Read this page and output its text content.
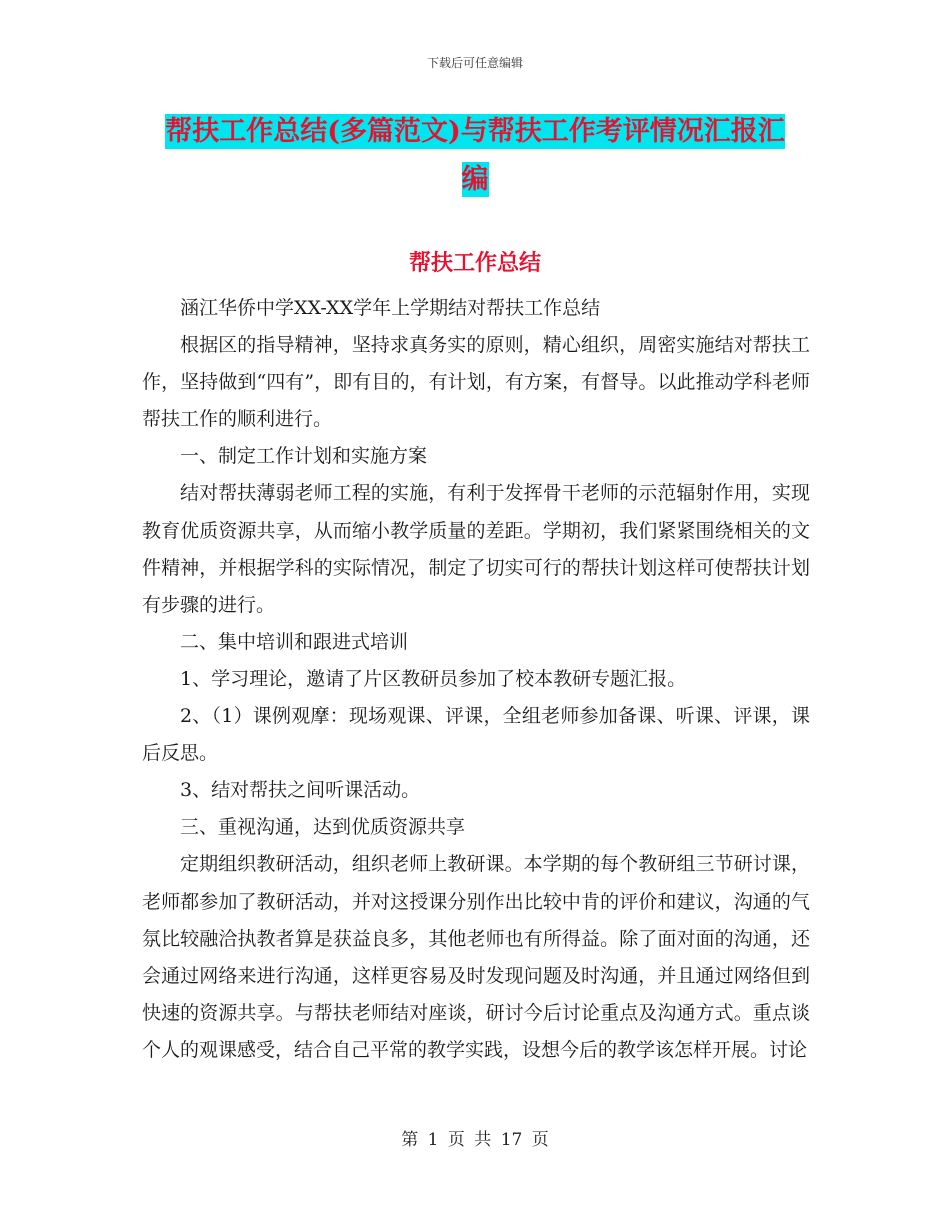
下载后可任意编辑
帮扶工作总结(多篇范文)与帮扶工作考评情况汇报汇
编
帮扶工作总结

涵江华侨中学XX-XX学年上学期结对帮扶工作总结

根据区的指导精神，坚持求真务实的原则，精心组织，周密实施结对帮扶工作，坚持做到“四有”，即有目的，有计划，有方案，有督导。以此推动学科老师帮扶工作的顺利进行。

一、制定工作计划和实施方案

结对帮扶薄弱老师工程的实施，有利于发挥骨干老师的示范辐射作用，实现教育优质资源共享，从而缩小教学质量的差距。学期初，我们紧紧围绕相关的文件精神，并根据学科的实际情况，制定了切实可行的帮扶计划这样可使帮扶计划有步骤的进行。

二、集中培训和跟进式培训

1、学习理论，邀请了片区教研员参加了校本教研专题汇报。

2、（1）课例观摩：现场观课、评课，全组老师参加备课、听课、评课，课后反思。

3、结对帮扶之间听课活动。

三、重视沟通，达到优质资源共享

定期组织教研活动，组织老师上教研课。本学期的每个教研组三节研讨课，老师都参加了教研活动，并对这授课分别作出比较中肯的评价和建议，沟通的气氛比较融洽执教者算是获益良多，其他老师也有所得益。除了面对面的沟通，还会通过网络来进行沟通，这样更容易及时发现问题及时沟通，并且通过网络但到快速的资源共享。与帮扶老师结对座谈，研讨今后讨论重点及沟通方式。重点谈个人的观课感受，结合自己平常的教学实践，设想今后的教学该怎样开展。讨论

第 1 页 共 17 页
